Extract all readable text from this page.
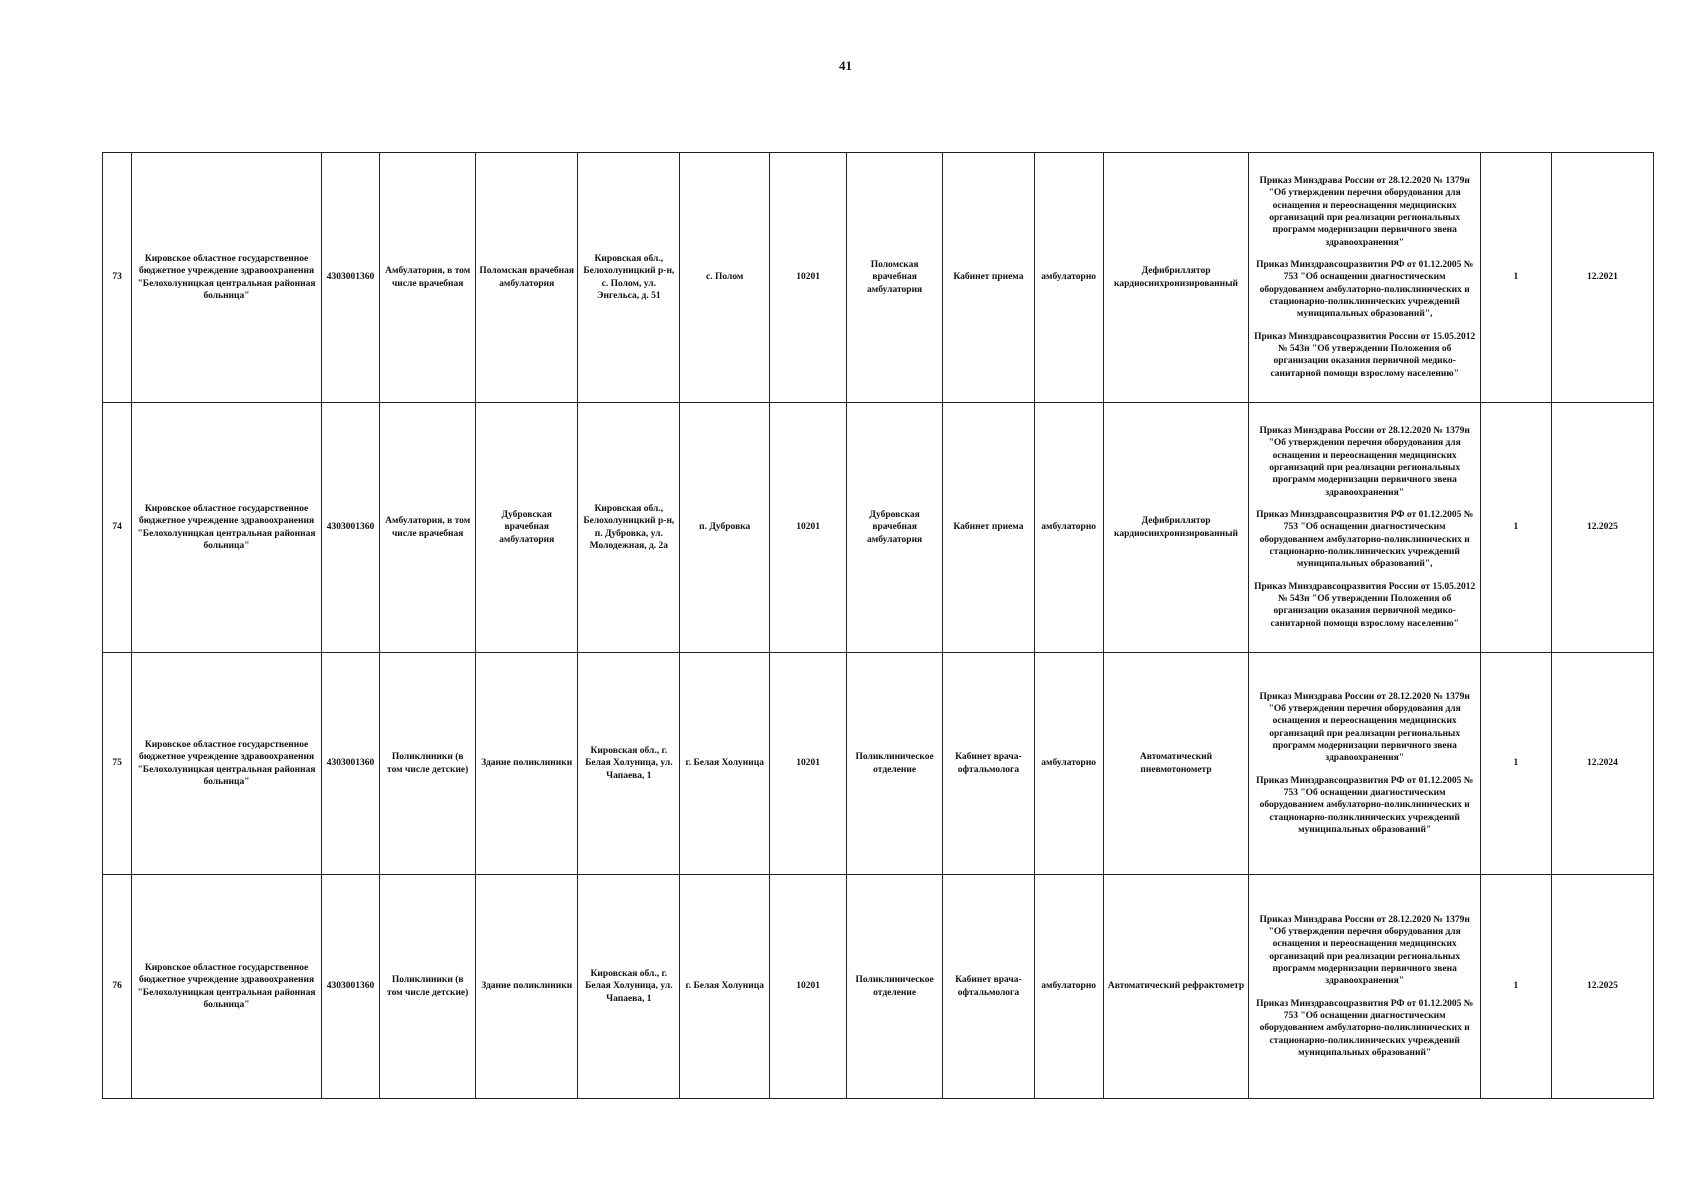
41
73	Кировское областное государственное бюджетное учреждение здравоохранения "Белохолуницкая центральная районная больница"	4303001360	Амбулатория, в том числе врачебная	Поломская врачебная амбулатория	Кировская обл., Белохолуницкий р-н, с. Полом, ул. Энгельса, д. 51	с. Полом	10201	Поломская врачебная амбулатория	Кабинет приема	амбулаторно	Дефибриллятор кардиосинхронизированный	Приказ Минздрава России от 28.12.2020 № 1379н "Об утверждении перечня оборудования для оснащения и переоснащения медицинских организаций при реализации региональных программ модернизации первичного звена здравоохранения"

Приказ Минздравсоцразвития РФ от 01.12.2005 № 753 "Об оснащении диагностическим оборудованием амбулаторно-поликлинических и стационарно-поликлинических учреждений муниципальных образований",

Приказ Минздравсоцразвития России от 15.05.2012 № 543н "Об утверждении Положения об организации оказания первичной медико-санитарной помощи взрослому населению"	1	12.2021
74	Кировское областное государственное бюджетное учреждение здравоохранения "Белохолуницкая центральная районная больница"	4303001360	Амбулатория, в том числе врачебная	Дубровская врачебная амбулатория	Кировская обл., Белохолуницкий р-н, п. Дубровка, ул. Молодежная, д. 2а	п. Дубровка	10201	Дубровская врачебная амбулатория	Кабинет приема	амбулаторно	Дефибриллятор кардиосинхронизированный	Приказ Минздрава России от 28.12.2020 № 1379н "Об утверждении перечня оборудования для оснащения и переоснащения медицинских организаций при реализации региональных программ модернизации первичного звена здравоохранения"

Приказ Минздравсоцразвития РФ от 01.12.2005 № 753 "Об оснащении диагностическим оборудованием амбулаторно-поликлинических и стационарно-поликлинических учреждений муниципальных образований",

Приказ Минздравсоцразвития России от 15.05.2012 № 543н "Об утверждении Положения об организации оказания первичной медико-санитарной помощи взрослому населению"	1	12.2025
75	Кировское областное государственное бюджетное учреждение здравоохранения "Белохолуницкая центральная районная больница"	4303001360	Поликлиники (в том числе детские)	Здание поликлиники	Кировская обл., г. Белая Холуница, ул. Чапаева, 1	г. Белая Холуница	10201	Поликлиническое отделение	Кабинет врача-офтальмолога	амбулаторно	Автоматический пневмотонометр	Приказ Минздрава России от 28.12.2020 № 1379н "Об утверждении перечня оборудования для оснащения и переоснащения медицинских организаций при реализации региональных программ модернизации первичного звена здравоохранения"

Приказ Минздравсоцразвития РФ от 01.12.2005 № 753 "Об оснащении диагностическим оборудованием амбулаторно-поликлинических и стационарно-поликлинических учреждений муниципальных образований"	1	12.2024
76	Кировское областное государственное бюджетное учреждение здравоохранения "Белохолуницкая центральная районная больница"	4303001360	Поликлиники (в том числе детские)	Здание поликлиники	Кировская обл., г. Белая Холуница, ул. Чапаева, 1	г. Белая Холуница	10201	Поликлиническое отделение	Кабинет врача-офтальмолога	амбулаторно	Автоматический рефрактометр	Приказ Минздрава России от 28.12.2020 № 1379н "Об утверждении перечня оборудования для оснащения и переоснащения медицинских организаций при реализации региональных программ модернизации первичного звена здравоохранения"

Приказ Минздравсоцразвития РФ от 01.12.2005 № 753 "Об оснащении диагностическим оборудованием амбулаторно-поликлинических и стационарно-поликлинических учреждений муниципальных образований"	1	12.2025
